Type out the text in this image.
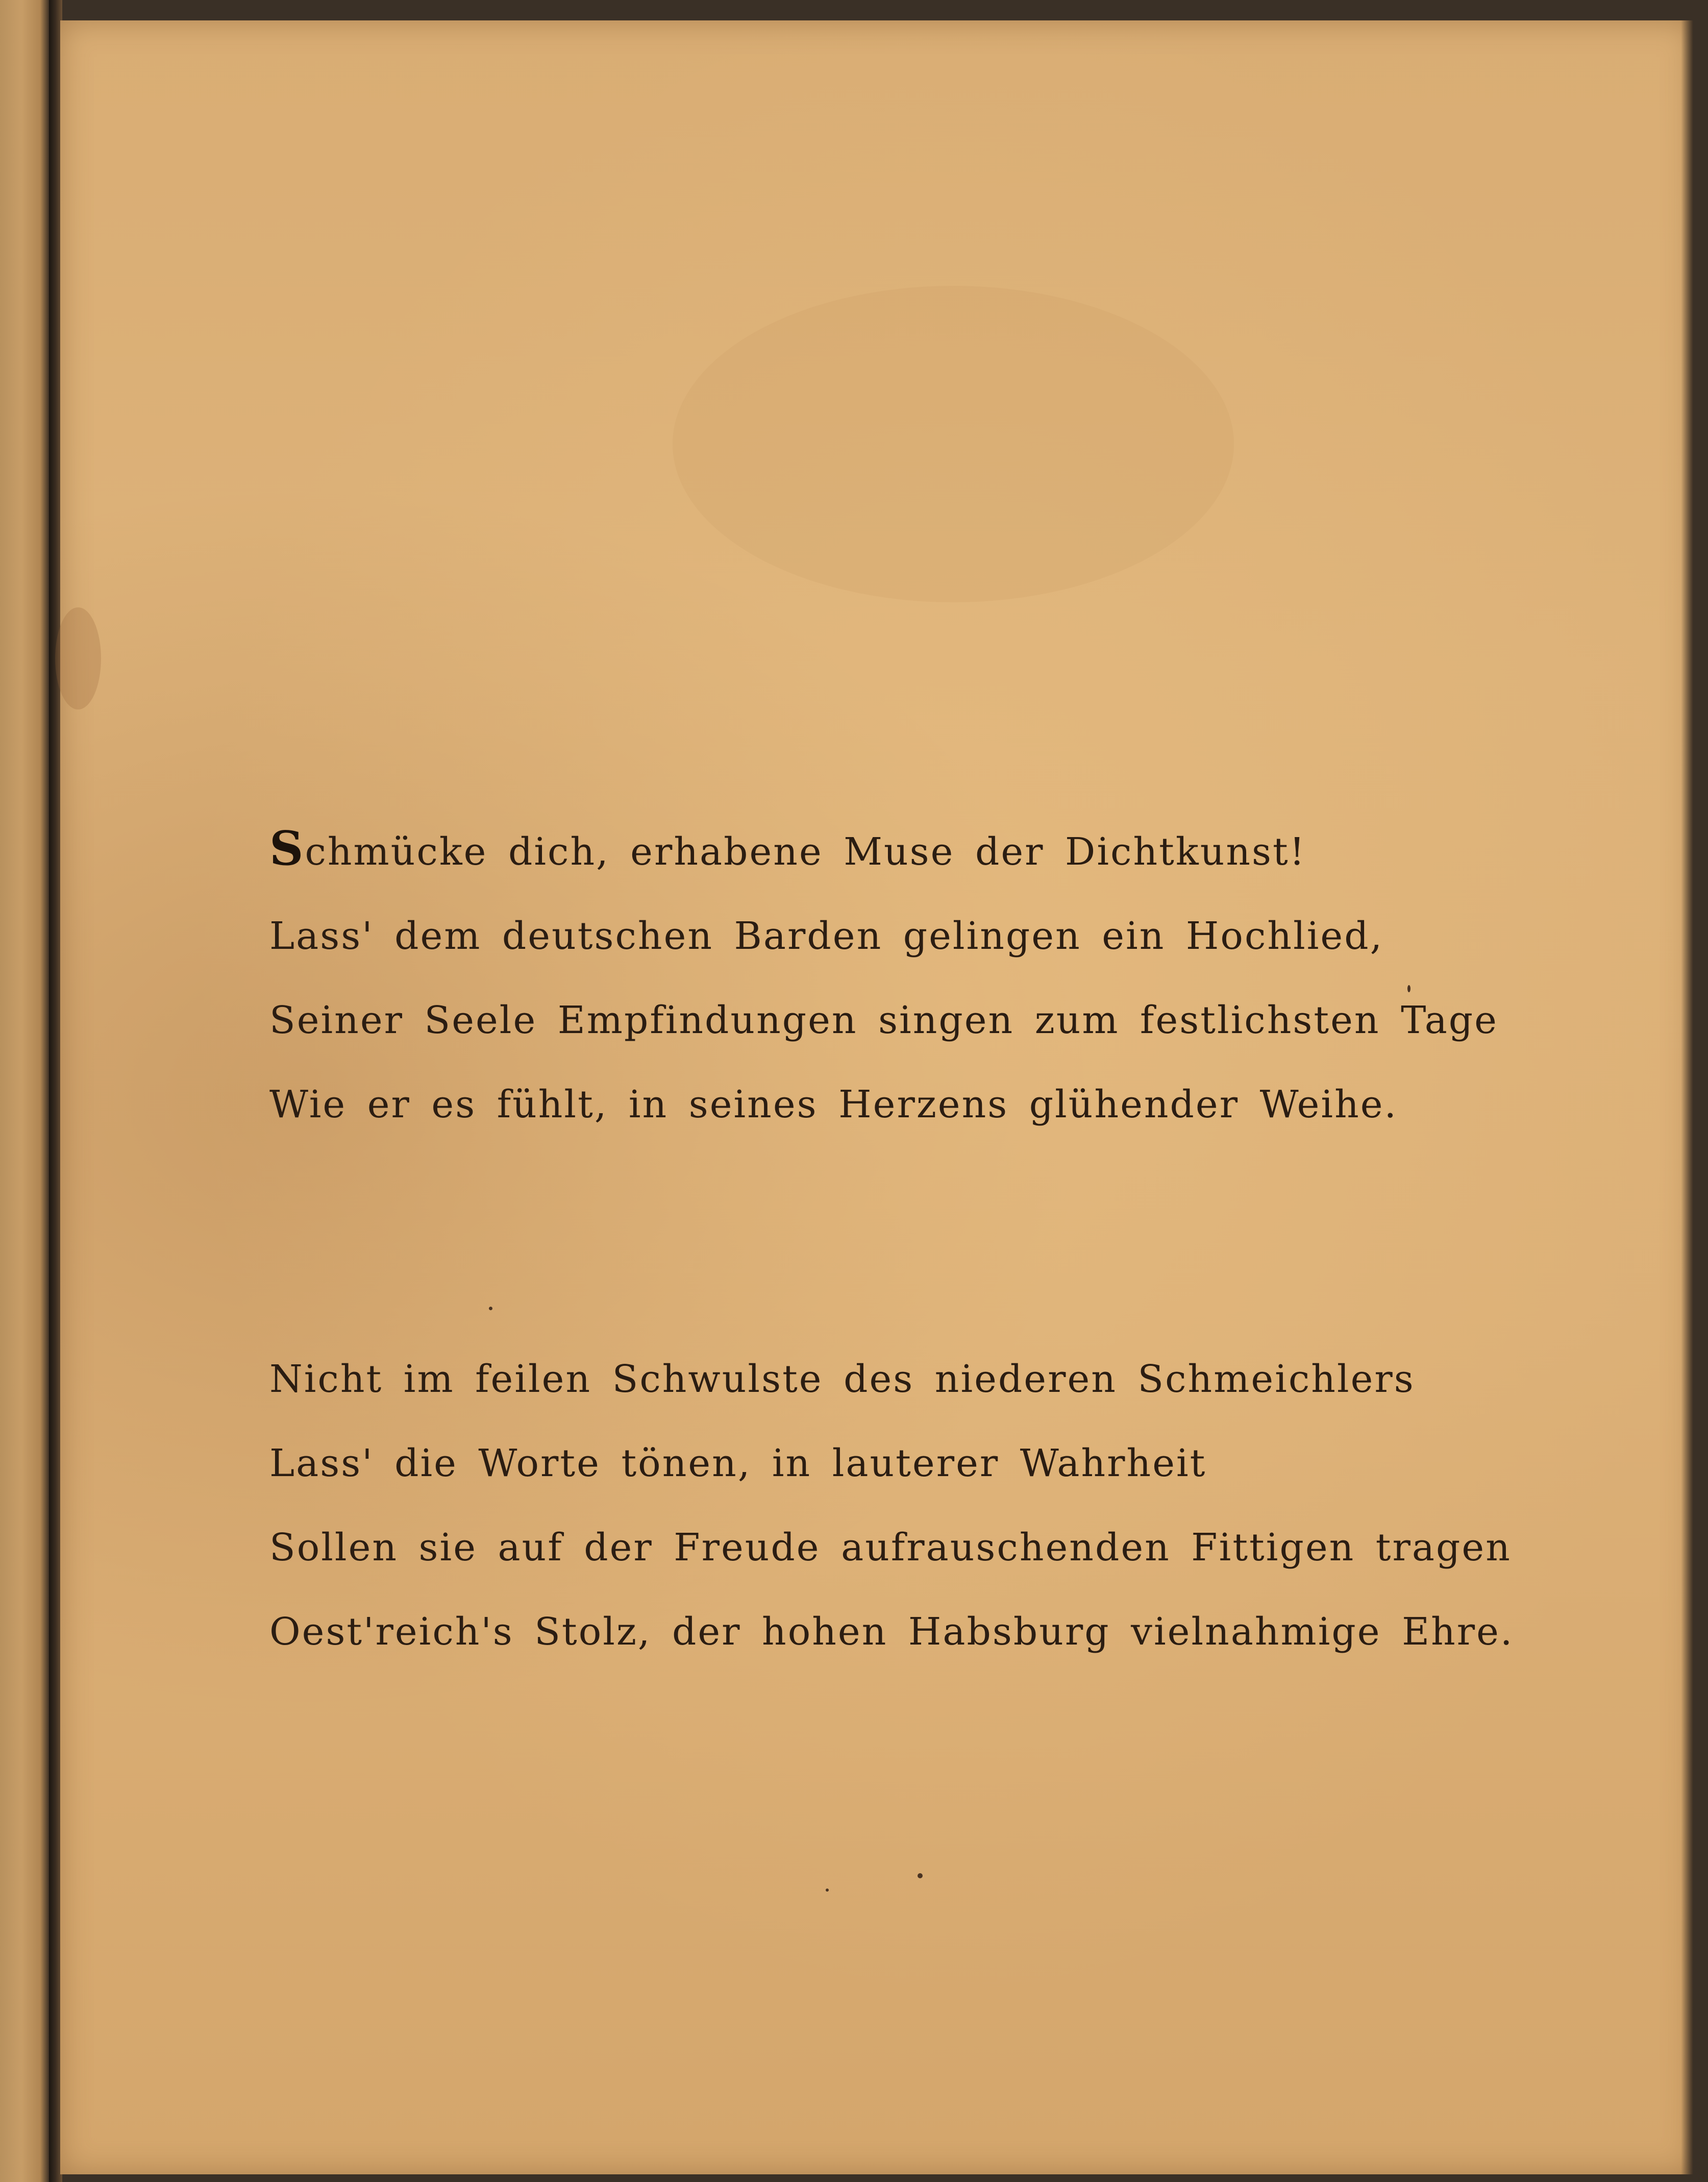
Schmücke dich, erhabene Muse der Dichtkunst!
Lass' dem deutschen Barden gelingen ein Hochlied,
Seiner Seele Empfindungen singen zum festlichsten Tage
Wie er es fühlt, in seines Herzens glühender Weihe.
Nicht im feilen Schwulste des niederen Schmeichlers
Lass' die Worte tönen, in lauterer Wahrheit
Sollen sie auf der Freude aufrauschenden Fittigen tragen
Oest'reich's Stolz, der hohen Habsburg vielnahmige Ehre.
